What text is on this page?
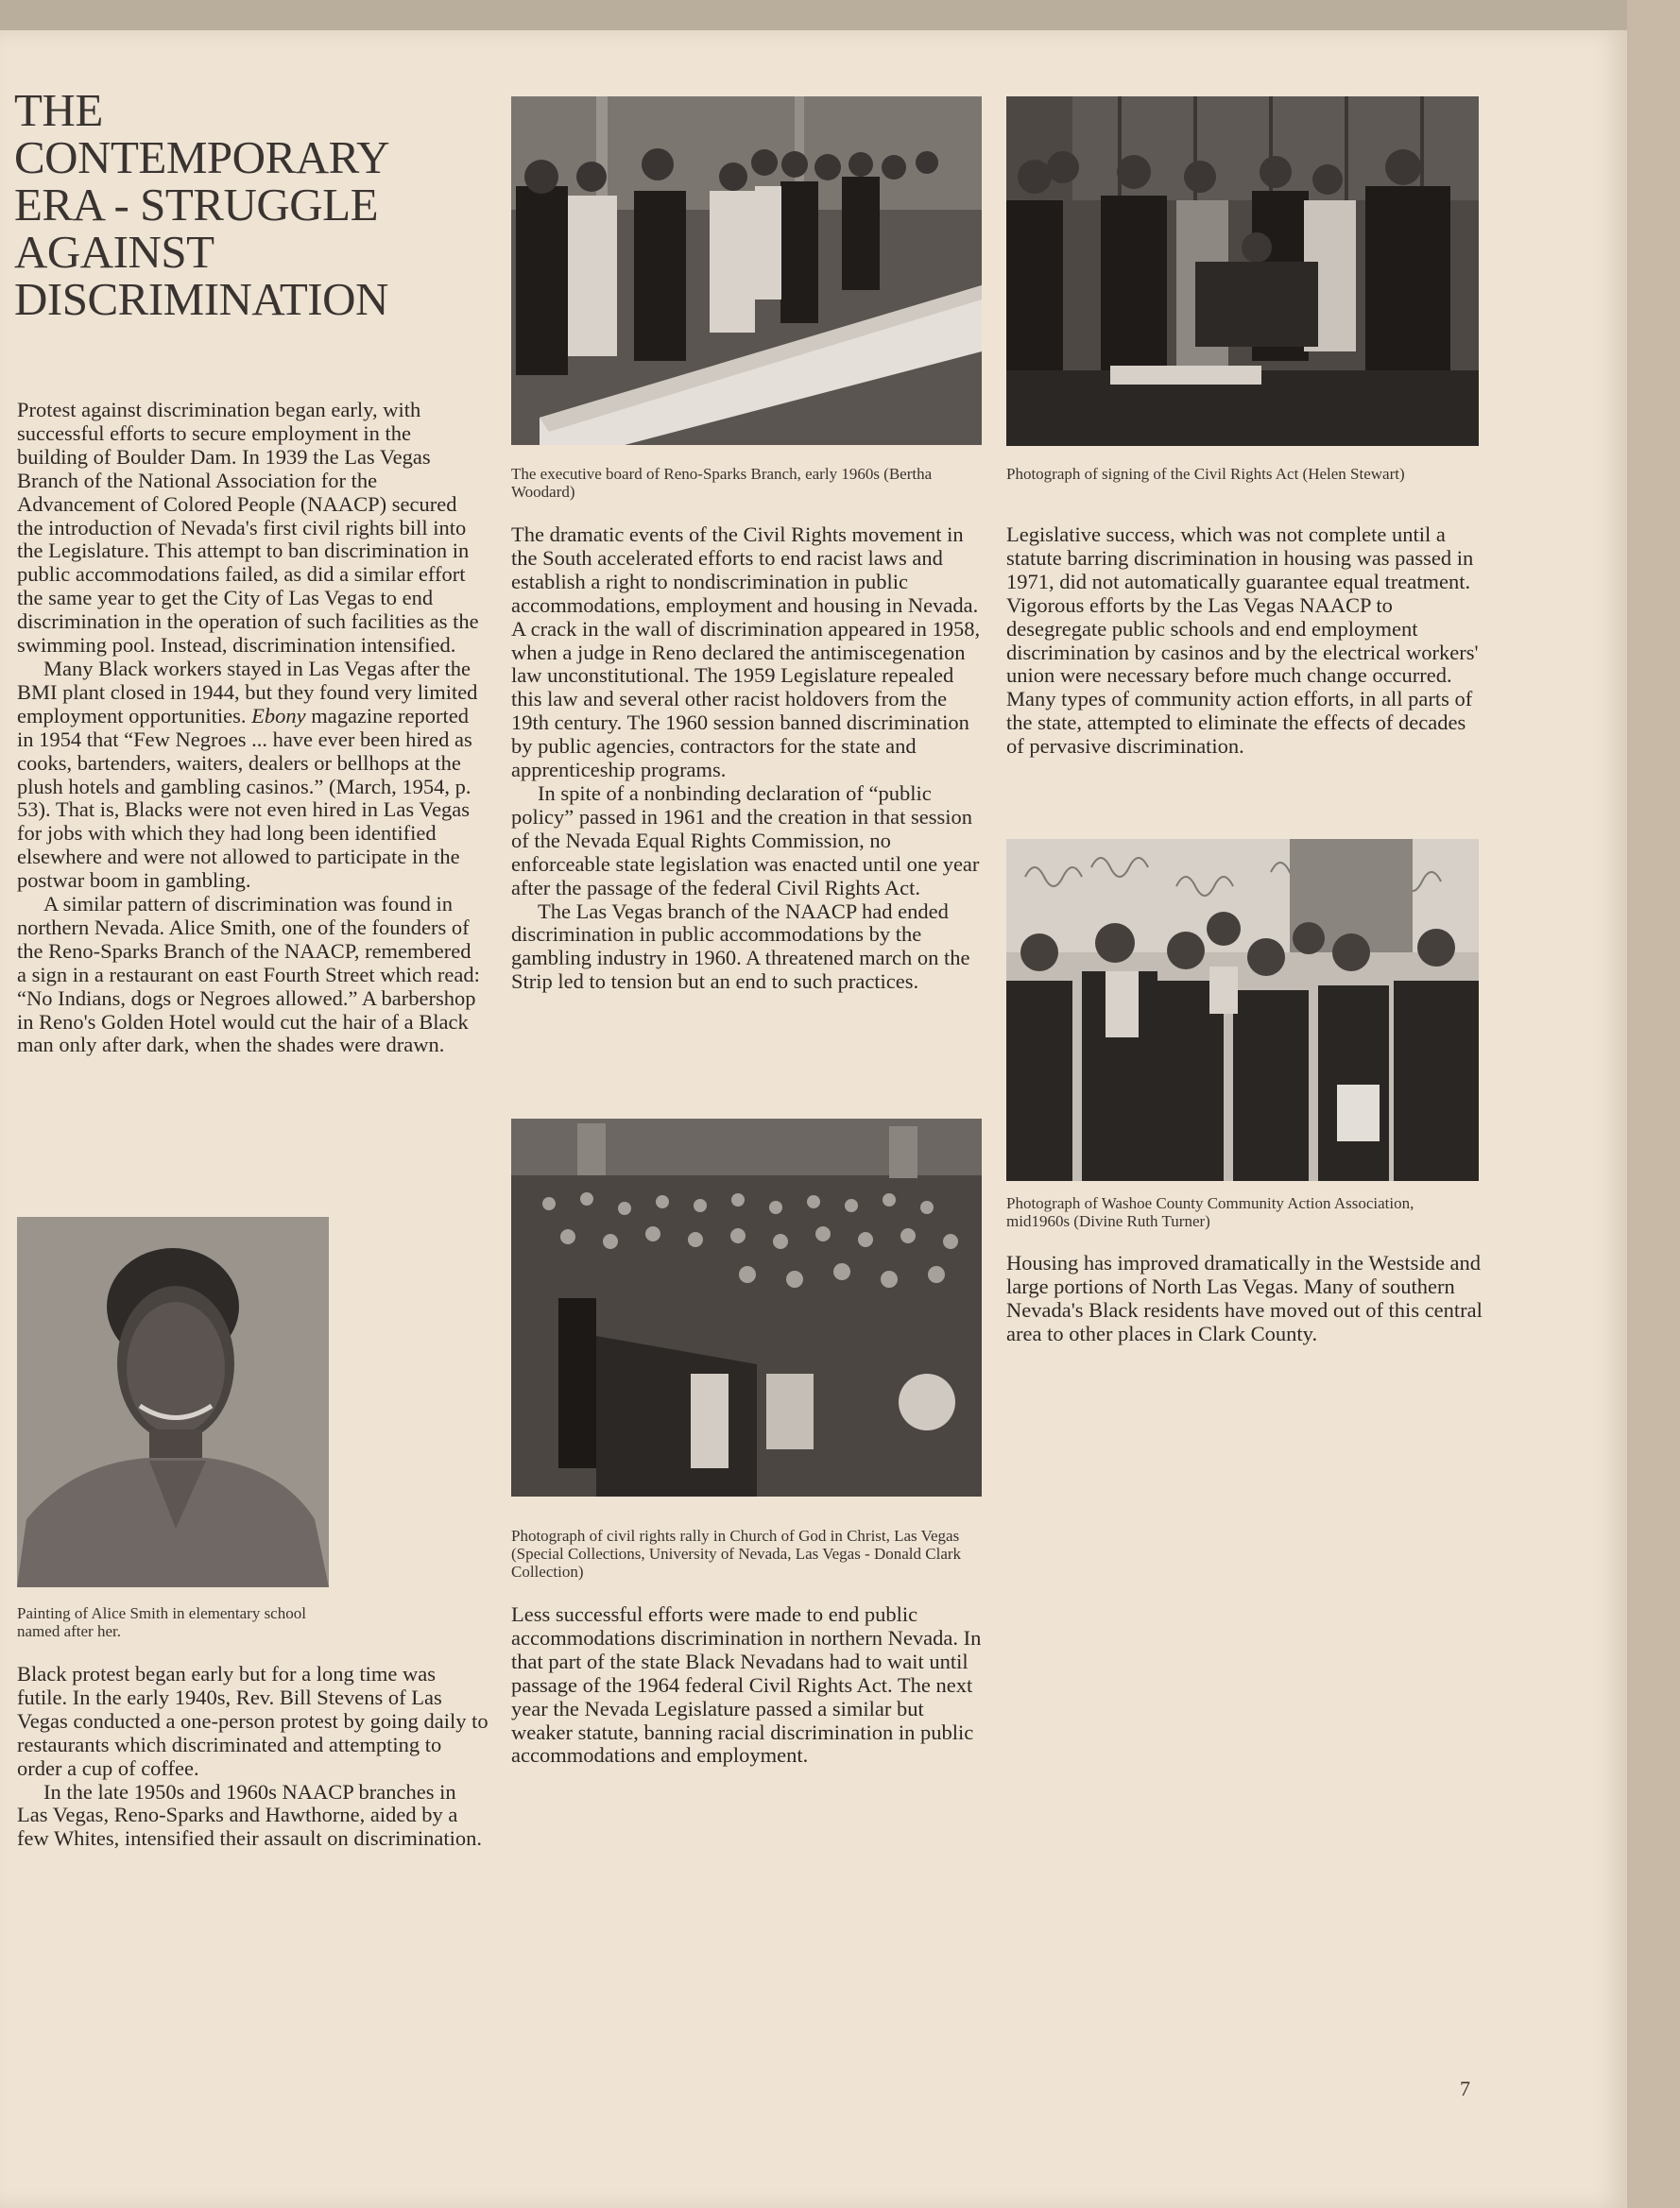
THE CONTEMPORARY ERA - STRUGGLE AGAINST DISCRIMINATION

Protest against discrimination began early, with successful efforts to secure employment in the building of Boulder Dam. In 1939 the Las Vegas Branch of the National Association for the Advancement of Colored People (NAACP) secured the introduction of Nevada's first civil rights bill into the Legislature. This attempt to ban discrimination in public accommodations failed, as did a similar effort the same year to get the City of Las Vegas to end discrimination in the operation of such facilities as the swimming pool. Instead, discrimination intensified.

Many Black workers stayed in Las Vegas after the BMI plant closed in 1944, but they found very limited employment opportunities. Ebony magazine reported in 1954 that “Few Negroes ... have ever been hired as cooks, bartenders, waiters, dealers or bellhops at the plush hotels and gambling casinos.” (March, 1954, p. 53). That is, Blacks were not even hired in Las Vegas for jobs with which they had long been identified elsewhere and were not allowed to participate in the postwar boom in gambling.

A similar pattern of discrimination was found in northern Nevada. Alice Smith, one of the founders of the Reno-Sparks Branch of the NAACP, remembered a sign in a restaurant on east Fourth Street which read: “No Indians, dogs or Negroes allowed.” A barbershop in Reno's Golden Hotel would cut the hair of a Black man only after dark, when the shades were drawn.

Painting of Alice Smith in elementary school named after her.

Black protest began early but for a long time was futile. In the early 1940s, Rev. Bill Stevens of Las Vegas conducted a one-person protest by going daily to restaurants which discriminated and attempting to order a cup of coffee.

In the late 1950s and 1960s NAACP branches in Las Vegas, Reno-Sparks and Hawthorne, aided by a few Whites, intensified their assault on discrimination.

The executive board of Reno-Sparks Branch, early 1960s (Bertha Woodard)

The dramatic events of the Civil Rights movement in the South accelerated efforts to end racist laws and establish a right to nondiscrimination in public accommodations, employment and housing in Nevada. A crack in the wall of discrimination appeared in 1958, when a judge in Reno declared the antimiscegenation law unconstitutional. The 1959 Legislature repealed this law and several other racist holdovers from the 19th century. The 1960 session banned discrimination by public agencies, contractors for the state and apprenticeship programs.

In spite of a nonbinding declaration of “public policy” passed in 1961 and the creation in that session of the Nevada Equal Rights Commission, no enforceable state legislation was enacted until one year after the passage of the federal Civil Rights Act.

The Las Vegas branch of the NAACP had ended discrimination in public accommodations by the gambling industry in 1960. A threatened march on the Strip led to tension but an end to such practices.

Photograph of civil rights rally in Church of God in Christ, Las Vegas (Special Collections, University of Nevada, Las Vegas - Donald Clark Collection)

Less successful efforts were made to end public accommodations discrimination in northern Nevada. In that part of the state Black Nevadans had to wait until passage of the 1964 federal Civil Rights Act. The next year the Nevada Legislature passed a similar but weaker statute, banning racial discrimination in public accommodations and employment.

Photograph of signing of the Civil Rights Act (Helen Stewart)

Legislative success, which was not complete until a statute barring discrimination in housing was passed in 1971, did not automatically guarantee equal treatment. Vigorous efforts by the Las Vegas NAACP to desegregate public schools and end employment discrimination by casinos and by the electrical workers' union were necessary before much change occurred. Many types of community action efforts, in all parts of the state, attempted to eliminate the effects of decades of pervasive discrimination.

Photograph of Washoe County Community Action Association, mid1960s (Divine Ruth Turner)

Housing has improved dramatically in the Westside and large portions of North Las Vegas. Many of southern Nevada's Black residents have moved out of this central area to other places in Clark County.

7
